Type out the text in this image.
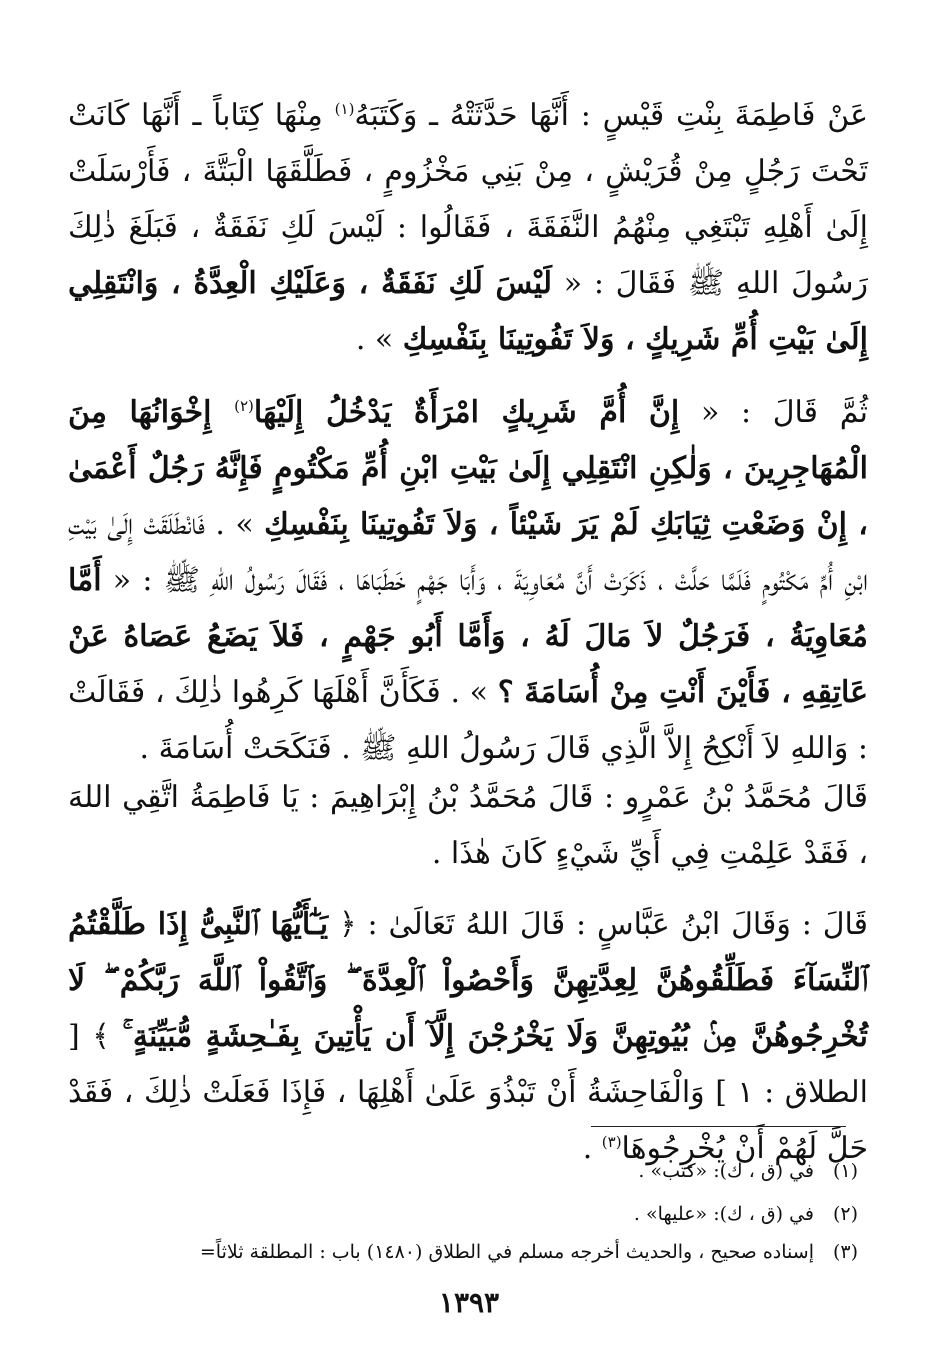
عَنْ فَاطِمَةَ بِنْتِ قَيْسٍ : أَنَّهَا حَدَّثَتْهُ ـ وَكَتَبَهُ$^{(١)}$ مِنْهَا كِتَاباً ـ أَنَّهَا كَانَتْ تَحْتَ رَجُلٍ مِنْ قُرَيْشٍ ، مِنْ بَنِي مَخْزُومٍ ، فَطَلَّقَهَا الْبَتَّةَ ، فَأَرْسَلَتْ إِلَىٰ أَهْلِهِ تَبْتَغِي مِنْهُمُ النَّفَقَةَ ، فَقَالُوا : لَيْسَ لَكِ نَفَقَةٌ ، فَبَلَغَ ذٰلِكَ رَسُولَ اللهِ ﷺ فَقَالَ : « لَيْسَ لَكِ نَفَقَةٌ ، وَعَلَيْكِ الْعِدَّةُ ، وَانْتَقِلِي إِلَىٰ بَيْتِ أُمِّ شَرِيكٍ ، وَلاَ تَفُوتِينَا بِنَفْسِكِ » .

ثُمَّ قَالَ : « إِنَّ أُمَّ شَرِيكٍ امْرَأَةٌ يَدْخُلُ إِلَيْهَا$^{(٢)}$ إِخْوَانُهَا مِنَ الْمُهَاجِرِينَ ، وَلٰكِنِ انْتَقِلِي إِلَىٰ بَيْتِ ابْنِ أُمِّ مَكْتُومٍ فَإِنَّهُ رَجُلٌ أَعْمَىٰ ، إِنْ وَضَعْتِ ثِيَابَكِ لَمْ يَرَ شَيْئاً ، وَلاَ تَفُوتِينَا بِنَفْسِكِ » . فَانْطَلَقَتْ إِلَىٰ بَيْتِ ابْنِ أُمِّ مَكْتُومٍ فَلَمَّا حَلَّتْ ، ذَكَرَتْ أَنَّ مُعَاوِيَةَ ، وَأَبَا جَهْمٍ خَطَبَاهَا ، فَقَالَ رَسُولُ اللهِ ﷺ : « أَمَّا مُعَاوِيَةُ ، فَرَجُلٌ لاَ مَالَ لَهُ ، وَأَمَّا أَبُو جَهْمٍ ، فَلاَ يَضَعُ عَصَاهُ عَنْ عَاتِقِهِ ، فَأَيْنَ أَنْتِ مِنْ أُسَامَةَ ؟ » . فَكَأَنَّ أَهْلَهَا كَرِهُوا ذٰلِكَ ، فَقَالَتْ : وَاللهِ لاَ أَنْكِحُ إِلاَّ الَّذِي قَالَ رَسُولُ اللهِ ﷺ . فَنَكَحَتْ أُسَامَةَ .

قَالَ مُحَمَّدُ بْنُ عَمْرٍو : قَالَ مُحَمَّدُ بْنُ إِبْرَاهِيمَ : يَا فَاطِمَةُ اتَّقِي اللهَ ، فَقَدْ عَلِمْتِ فِي أَيِّ شَيْءٍ كَانَ هٰذَا .

قَالَ : وَقَالَ ابْنُ عَبَّاسٍ : قَالَ اللهُ تَعَالَىٰ : ﴿ يَـٰٓأَيُّهَا ٱلنَّبِىُّ إِذَا طَلَّقْتُمُ ٱلنِّسَآءَ فَطَلِّقُوهُنَّ لِعِدَّتِهِنَّ وَأَحْصُواْ ٱلْعِدَّةَ ۖ وَٱتَّقُواْ ٱللَّهَ رَبَّكُمْ ۖ لَا تُخْرِجُوهُنَّ مِنۢ بُيُوتِهِنَّ وَلَا يَخْرُجْنَ إِلَّآ أَن يَأْتِينَ بِفَـٰحِشَةٍ مُّبَيِّنَةٍ ۚ ﴾ [ الطلاق : ١ ] وَالْفَاحِشَةُ أَنْ تَبْذُوَ عَلَىٰ أَهْلِهَا ، فَإِذَا فَعَلَتْ ذٰلِكَ ، فَقَدْ حَلَّ لَهُمْ أَنْ يُخْرِجُوهَا$^{(٣)}$ .

(١)في (ق ، ك): «كتب» .

(٢)في (ق ، ك): «عليها» .

(٣)إسناده صحيح ، والحديث أخرجه مسلم في الطلاق (١٤٨٠) باب : المطلقة ثلاثاً=

١٣٩٣
